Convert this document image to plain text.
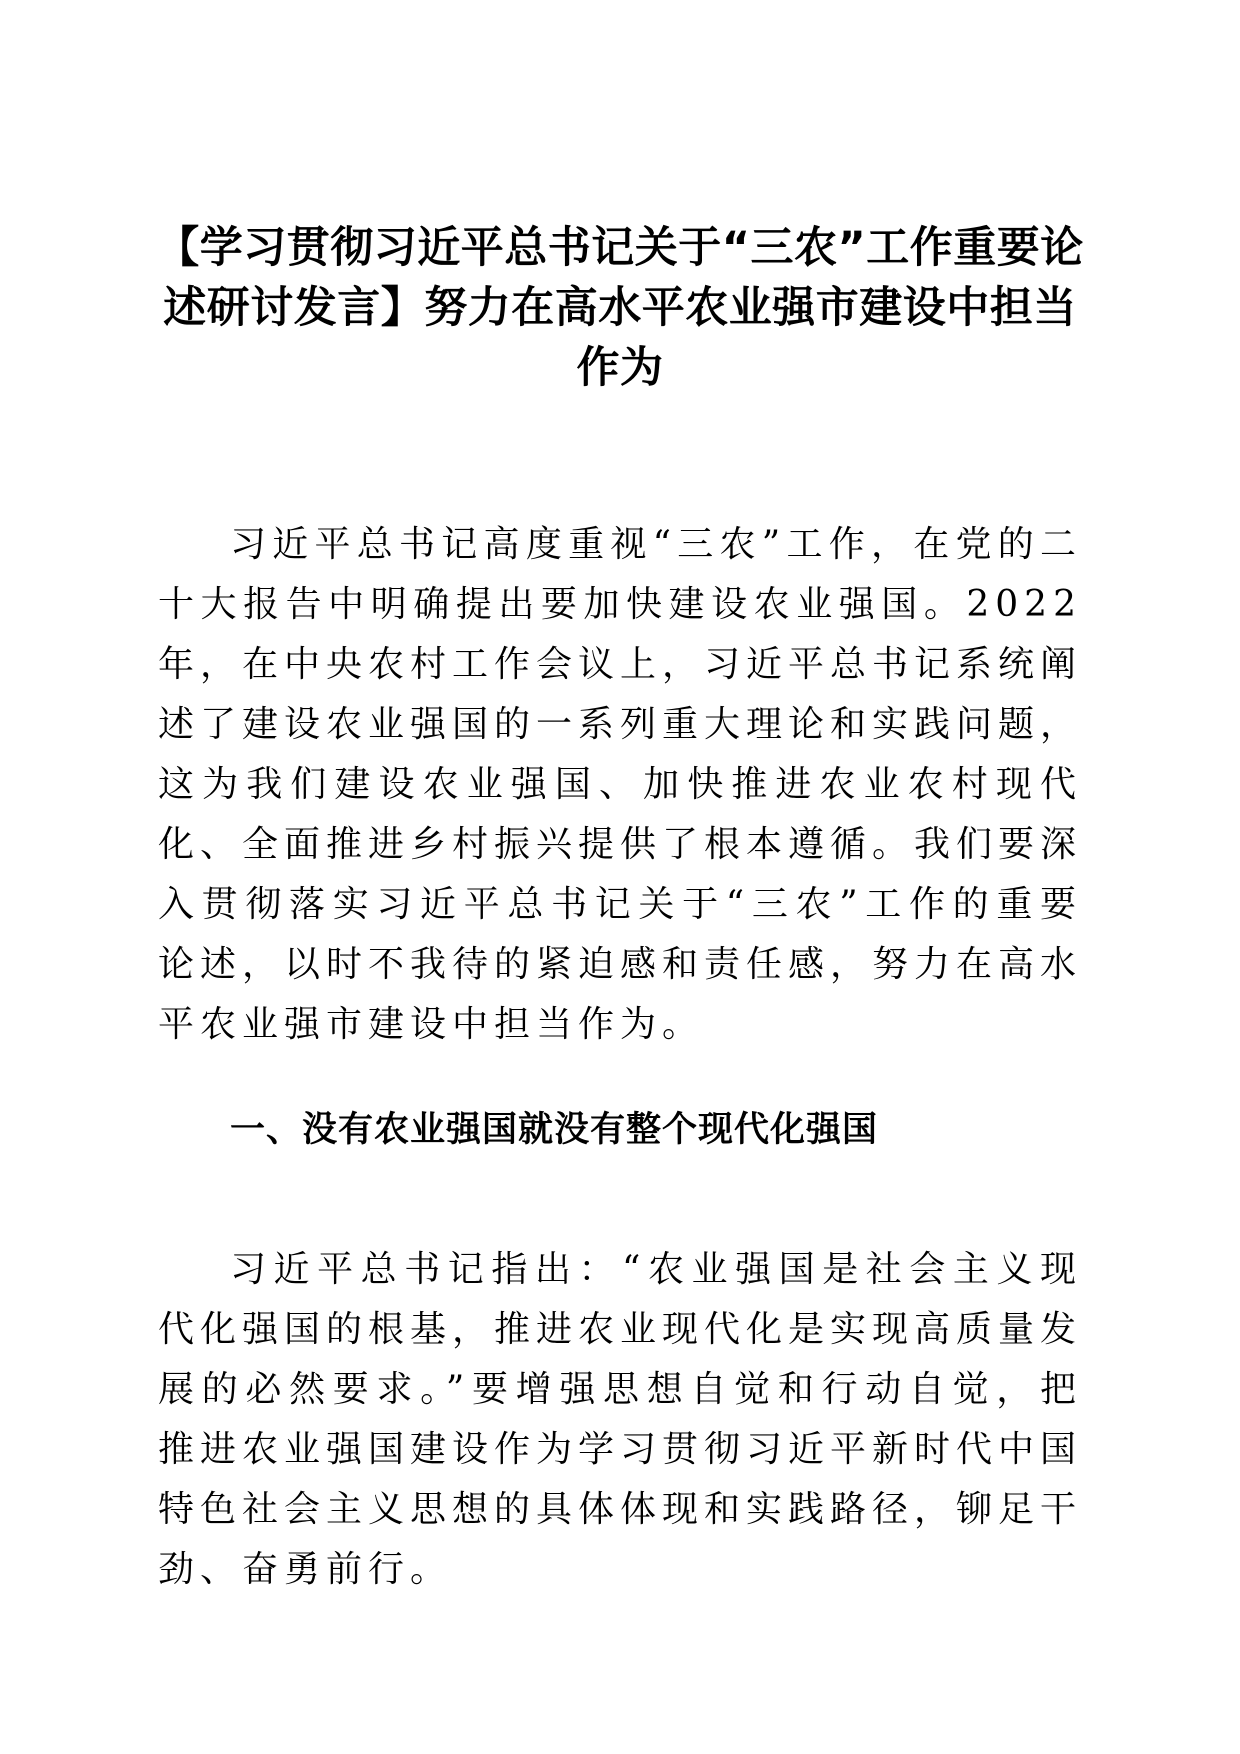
【学习贯彻习近平总书记关于“三农”工作重要论述研讨发言】努力在高水平农业强市建设中担当作为

习近平总书记高度重视“三农”工作，在党的二十大报告中明确提出要加快建设农业强国。2022年，在中央农村工作会议上，习近平总书记系统阐述了建设农业强国的一系列重大理论和实践问题，这为我们建设农业强国、加快推进农业农村现代化、全面推进乡村振兴提供了根本遵循。我们要深入贯彻落实习近平总书记关于“三农”工作的重要论述，以时不我待的紧迫感和责任感，努力在高水平农业强市建设中担当作为。

一、没有农业强国就没有整个现代化强国

习近平总书记指出：“农业强国是社会主义现代化强国的根基，推进农业现代化是实现高质量发展的必然要求。”要增强思想自觉和行动自觉，把推进农业强国建设作为学习贯彻习近平新时代中国特色社会主义思想的具体体现和实践路径，铆足干劲、奋勇前行。
